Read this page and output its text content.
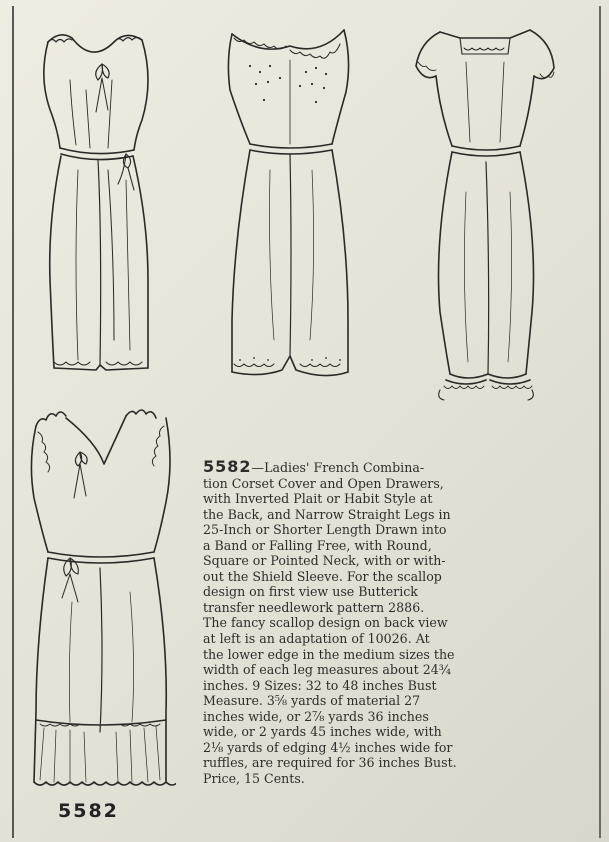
5582

5582—Ladies' French Combina-
tion Corset Cover and Open Drawers,
with Inverted Plait or Habit Style at
the Back, and Narrow Straight Legs in
25-Inch or Shorter Length Drawn into
a Band or Falling Free, with Round,
Square or Pointed Neck, with or with-
out the Shield Sleeve. For the scallop
design on first view use Butterick
transfer needlework pattern 2886.
The fancy scallop design on back view
at left is an adaptation of 10026. At
the lower edge in the medium sizes the
width of each leg measures about 24¾
inches. 9 Sizes: 32 to 48 inches Bust
Measure. 3⅝ yards of material 27
inches wide, or 2⅞ yards 36 inches
wide, or 2 yards 45 inches wide, with
2⅛ yards of edging 4½ inches wide for
ruffles, are required for 36 inches Bust.
Price, 15 Cents.
